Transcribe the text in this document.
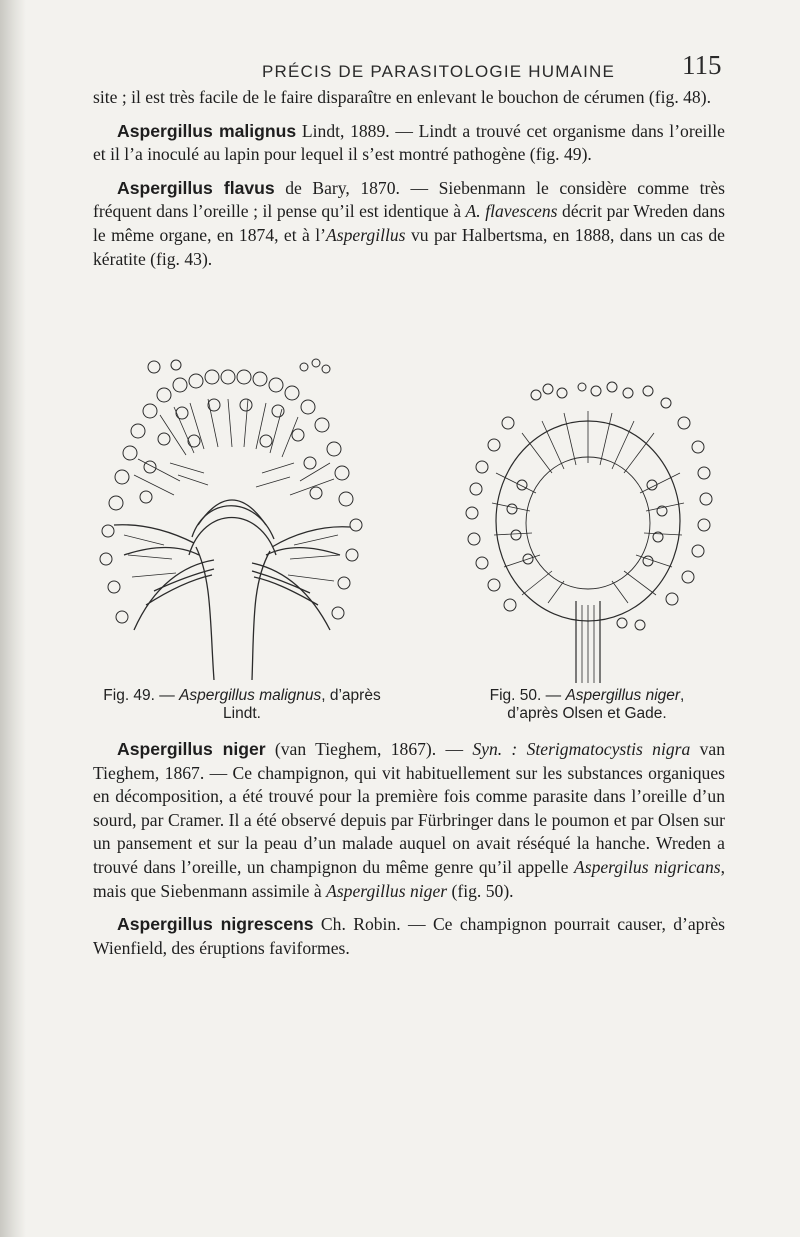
PRÉCIS DE PARASITOLOGIE HUMAINE 115

site ; il est très facile de le faire disparaître en enlevant le bouchon de cérumen (fig. 48).

Aspergillus malignus Lindt, 1889. — Lindt a trouvé cet organisme dans l’oreille et il l’a inoculé au lapin pour lequel il s’est montré pathogène (fig. 49).

Aspergillus flavus de Bary, 1870. — Siebenmann le considère comme très fréquent dans l’oreille ; il pense qu’il est identique à A. flavescens décrit par Wreden dans le même organe, en 1874, et à l’Aspergillus vu par Halbertsma, en 1888, dans un cas de kératite (fig. 43).

Fig. 49. — Aspergillus malignus, d’après
Lindt.
Fig. 50. — Aspergillus niger,
d’après Olsen et Gade.

Aspergillus niger (van Tieghem, 1867). — Syn. : Sterigmatocystis nigra van Tieghem, 1867. — Ce champignon, qui vit habituellement sur les substances organiques en décomposition, a été trouvé pour la première fois comme parasite dans l’oreille d’un sourd, par Cramer. Il a été observé depuis par Fürbringer dans le poumon et par Olsen sur un pansement et sur la peau d’un malade auquel on avait réséqué la hanche. Wreden a trouvé dans l’oreille, un champignon du même genre qu’il appelle Aspergilus nigricans, mais que Siebenmann assimile à Aspergillus niger (fig. 50).

Aspergillus nigrescens Ch. Robin. — Ce champignon pourrait causer, d’après Wienfield, des éruptions faviformes.
